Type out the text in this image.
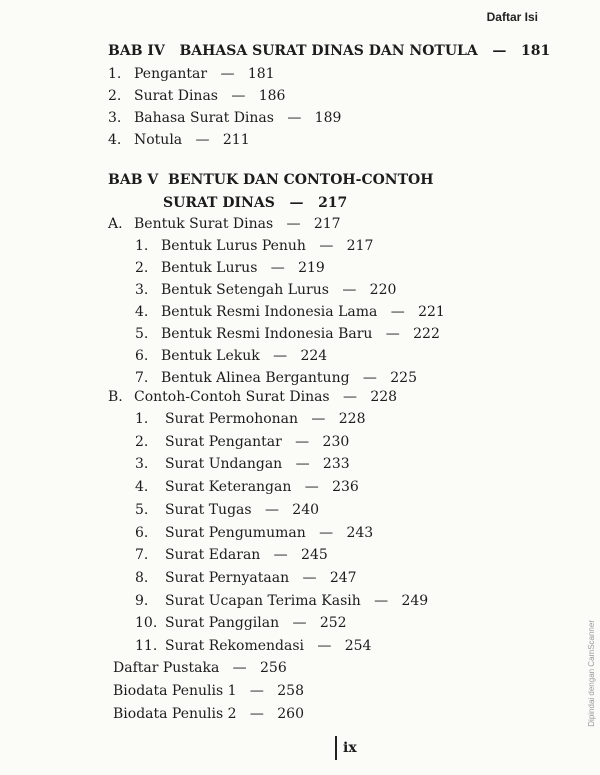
Daftar Isi
BAB IV BAHASA SURAT DINAS DAN NOTULA — 181
1. Pengantar — 181
2. Surat Dinas — 186
3. Bahasa Surat Dinas — 189
4. Notula — 211
BAB V BENTUK DAN CONTOH-CONTOH
SURAT DINAS — 217
A. Bentuk Surat Dinas — 217
1. Bentuk Lurus Penuh — 217
2. Bentuk Lurus — 219
3. Bentuk Setengah Lurus — 220
4. Bentuk Resmi Indonesia Lama — 221
5. Bentuk Resmi Indonesia Baru — 222
6. Bentuk Lekuk — 224
7. Bentuk Alinea Bergantung — 225
B. Contoh-Contoh Surat Dinas — 228
1. Surat Permohonan — 228
2. Surat Pengantar — 230
3. Surat Undangan — 233
4. Surat Keterangan — 236
5. Surat Tugas — 240
6. Surat Pengumuman — 243
7. Surat Edaran — 245
8. Surat Pernyataan — 247
9. Surat Ucapan Terima Kasih — 249
10. Surat Panggilan — 252
11. Surat Rekomendasi — 254
Daftar Pustaka — 256
Biodata Penulis 1 — 258
Biodata Penulis 2 — 260
ix
Dipindai dengan CamScanner
